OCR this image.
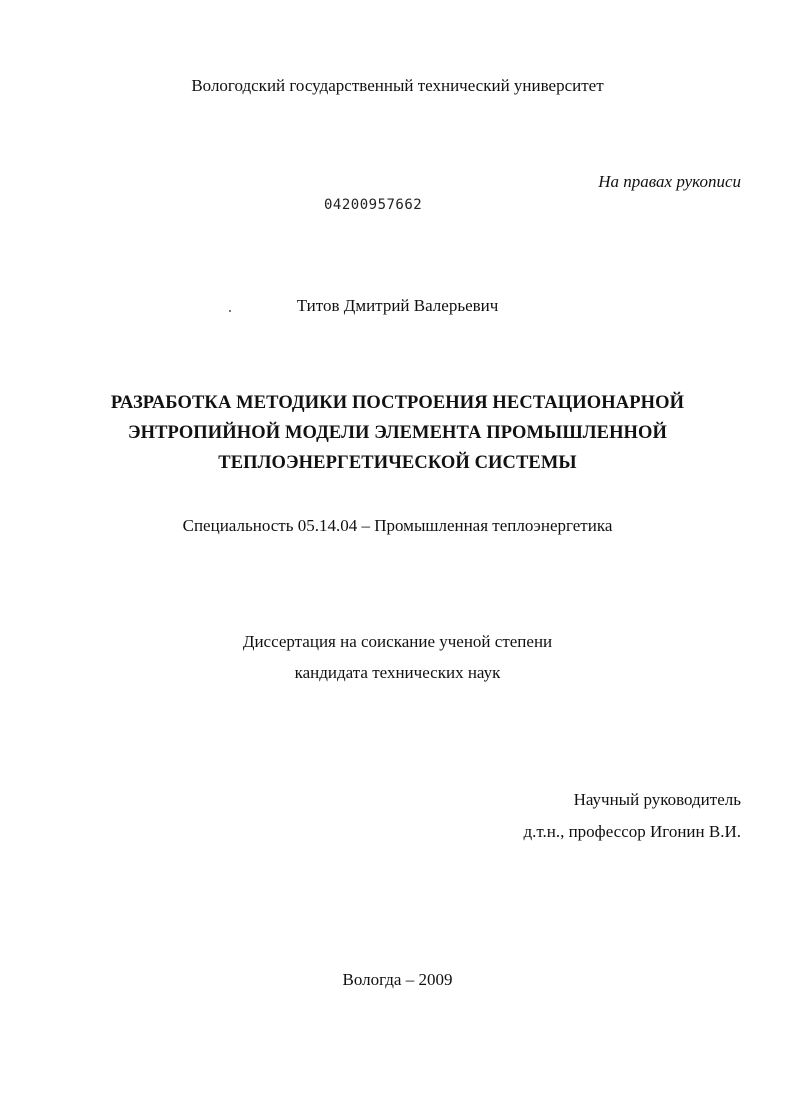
Вологодский государственный технический университет
На правах рукописи
04200957662
Титов Дмитрий Валерьевич
РАЗРАБОТКА МЕТОДИКИ ПОСТРОЕНИЯ НЕСТАЦИОНАРНОЙ
ЭНТРОПИЙНОЙ МОДЕЛИ ЭЛЕМЕНТА ПРОМЫШЛЕННОЙ
ТЕПЛОЭНЕРГЕТИЧЕСКОЙ СИСТЕМЫ
Специальность 05.14.04 – Промышленная теплоэнергетика
Диссертация на соискание ученой степени
кандидата технических наук
Научный руководитель
д.т.н., профессор Игонин В.И.
Вологда – 2009
